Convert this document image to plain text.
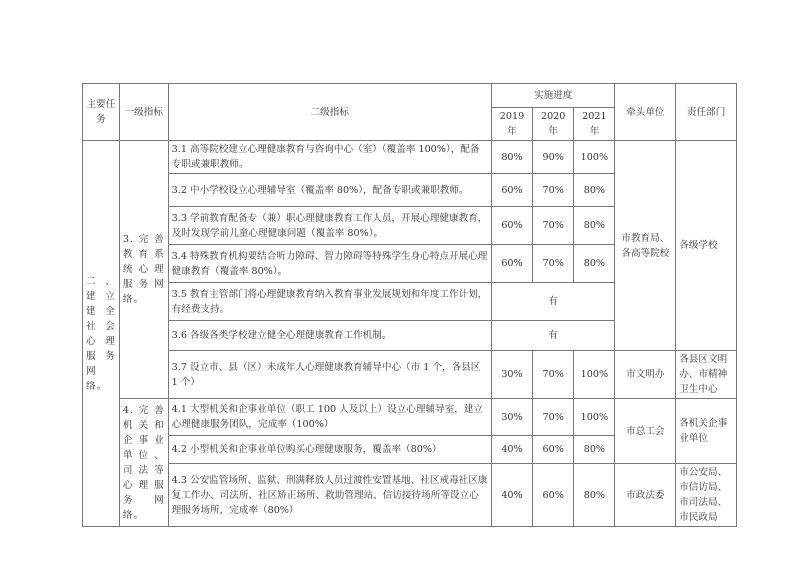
主要任务	一级指标	二级指标	实施进度			牵头单位	责任部门
			2019 年	2020 年	2021 年		
二、建立建全社会心理服务网络。	3.完善教育系统心理服务网络。	3.1 高等院校建立心理健康教育与咨询中心（室）（覆盖率 100%），配备专职或兼职教师。	80%	90%	100%	市教育局、各高等院校	各级学校
		3.2 中小学校设立心理辅导室（覆盖率 80%），配备专职或兼职教师。	60%	70%	80%		
		3.3 学前教育配备专（兼）职心理健康教育工作人员，开展心理健康教育，及时发现学前儿童心理健康问题（覆盖率 80%）。	60%	70%	80%		
		3.4 特殊教育机构要结合听力障碍、智力障碍等特殊学生身心特点开展心理健康教育（覆盖率 80%）。	60%	70%	80%		
		3.5 教育主管部门将心理健康教育纳入教育事业发展规划和年度工作计划，有经费支持。	有				
		3.6 各级各类学校建立健全心理健康教育工作机制。	有				
		3.7 设立市、县（区）未成年人心理健康教育辅导中心（市 1 个，各县区 1 个）	30%	70%	100%	市文明办	各县区文明办、市精神卫生中心
	4.完善机关和企事业单位、司法等心理服务网络。	4.1 大型机关和企事业单位（职工 100 人及以上）设立心理辅导室，建立心理健康服务团队，完成率（100%）	30%	70%	100%	市总工会	各机关企事业单位
		4.2 小型机关和企事业单位购买心理健康服务，覆盖率（80%）	40%	60%	80%		
		4.3 公安监管场所、监狱、刑满释放人员过渡性安置基地、社区戒毒社区康复工作办、司法所、社区矫正场所、救助管理站、信访接待场所等设立心理服务场所，完成率（80%）	40%	60%	80%	市政法委	市公安局、市信访局、市司法局、市民政局
